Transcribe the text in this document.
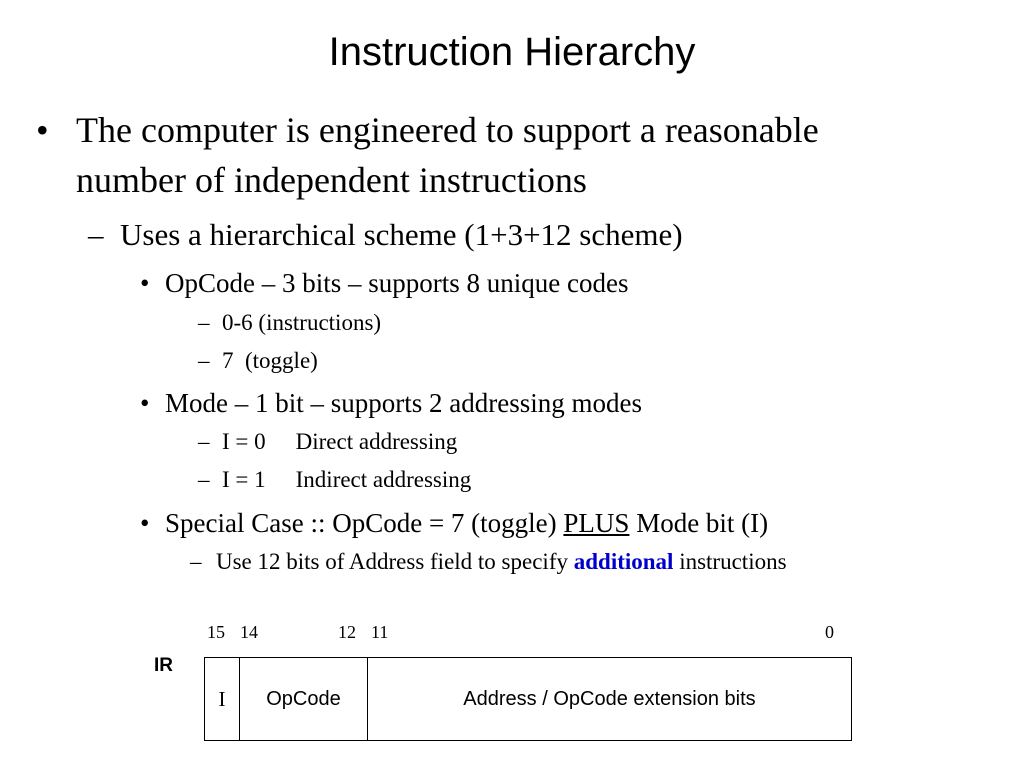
Instruction Hierarchy
• The computer is engineered to support a reasonable
number of independent instructions
– Uses a hierarchical scheme (1+3+12 scheme)
• OpCode – 3 bits – supports 8 unique codes
– 0-6 (instructions)
– 7  (toggle)
• Mode – 1 bit – supports 2 addressing modes
– I = 0 Direct addressing
– I = 1 Indirect addressing
• Special Case :: OpCode = 7 (toggle) PLUS Mode bit (I)
– Use 12 bits of Address field to specify additional instructions
15 14	12 11	0
IR
I	OpCode	Address / OpCode extension bits
